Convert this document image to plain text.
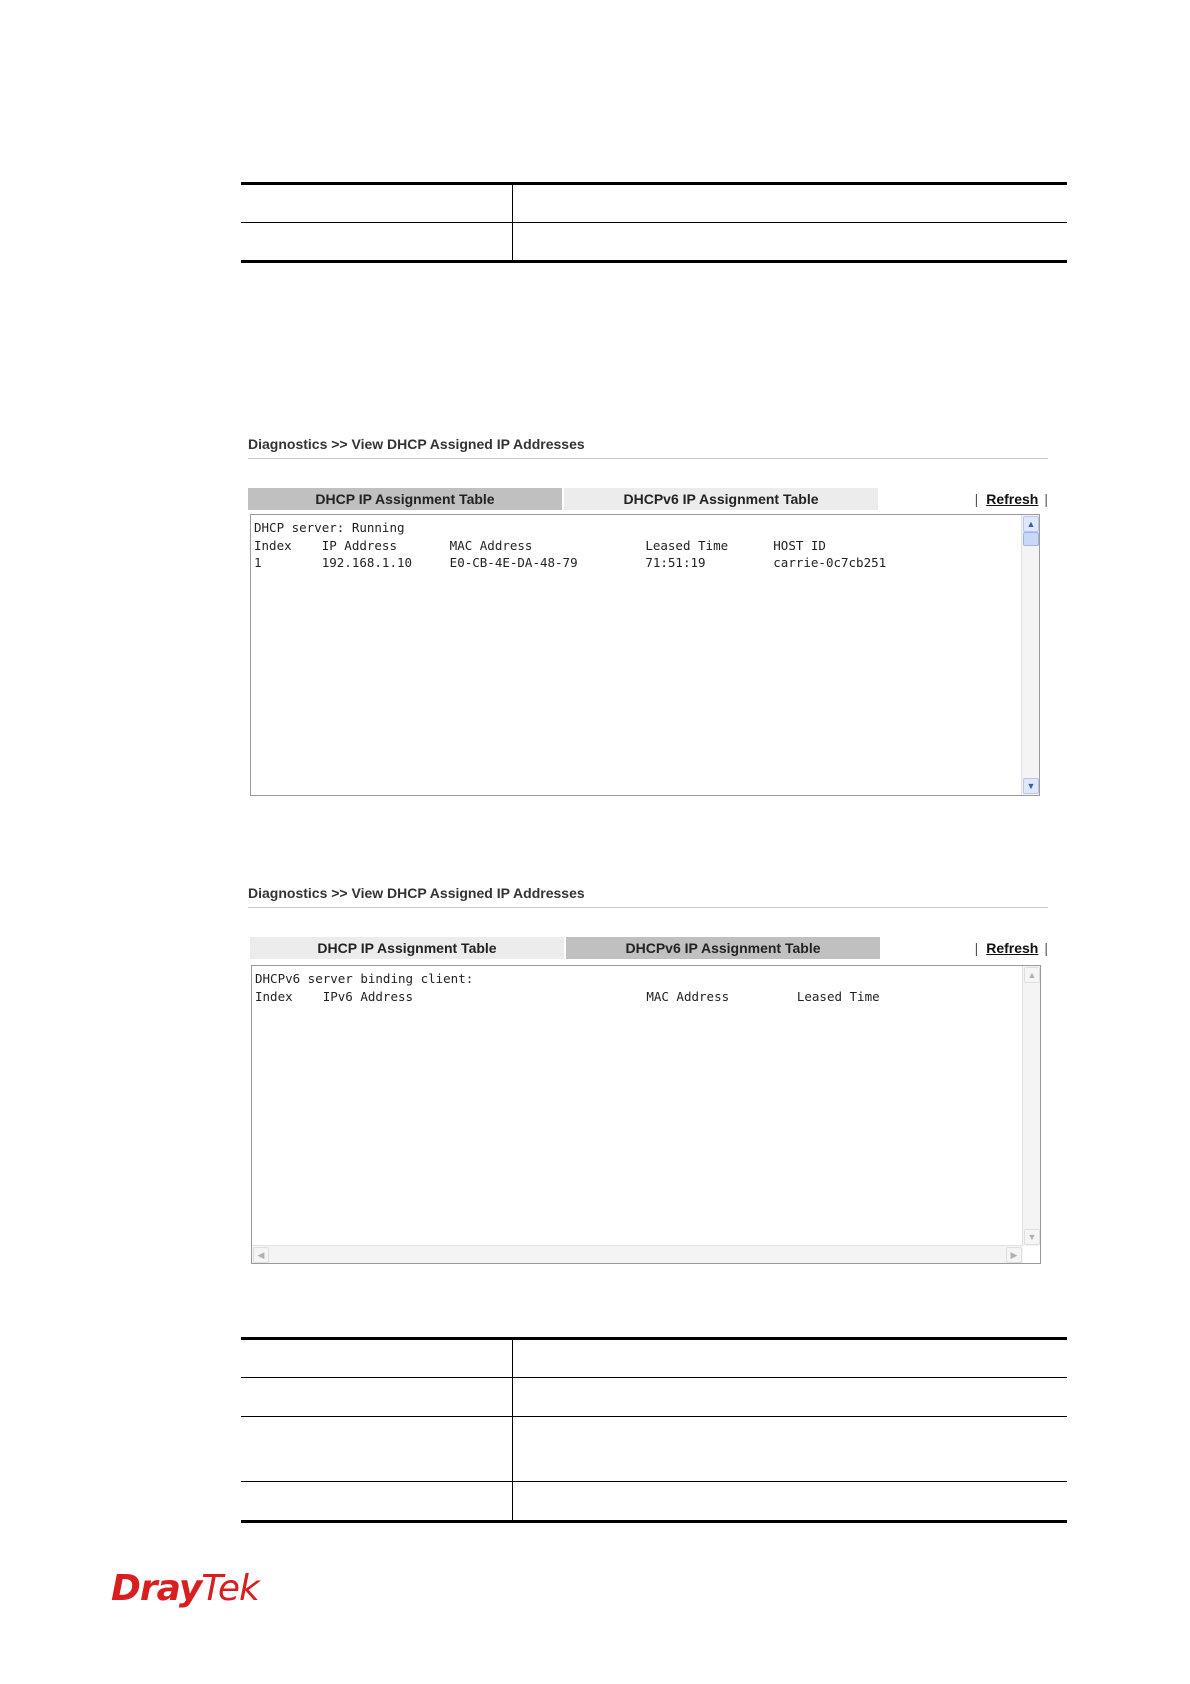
Diagnostics >> View DHCP Assigned IP Addresses
DHCP IP Assignment Table	DHCPv6 IP Assignment Table	| Refresh |
DHCP server: Running
Index    IP Address       MAC Address               Leased Time      HOST ID
1        192.168.1.10     E0-CB-4E-DA-48-79         71:51:19         carrie-0c7cb251
▲
▼
Diagnostics >> View DHCP Assigned IP Addresses
DHCP IP Assignment Table	DHCPv6 IP Assignment Table	| Refresh |
DHCPv6 server binding client:
Index    IPv6 Address                               MAC Address         Leased Time
▲
▼
◀	▶
DrayTek
